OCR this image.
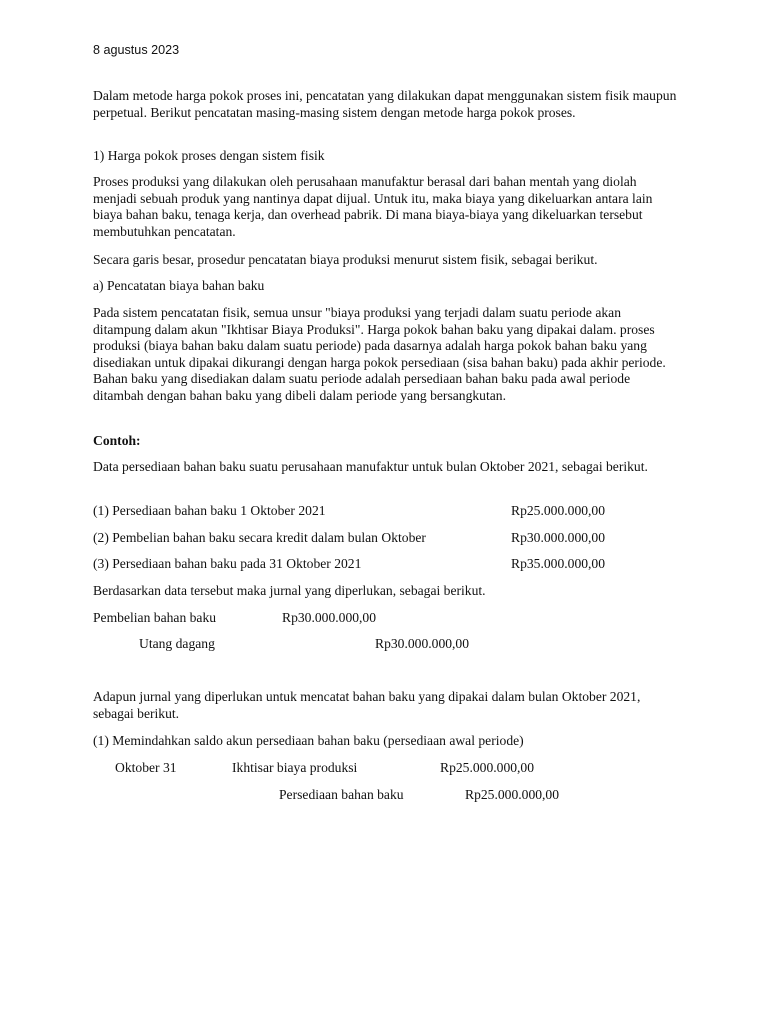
8 agustus 2023

Dalam metode harga pokok proses ini, pencatatan yang dilakukan dapat menggunakan sistem fisik maupun perpetual. Berikut pencatatan masing-masing sistem dengan metode harga pokok proses.

1) Harga pokok proses dengan sistem fisik

Proses produksi yang dilakukan oleh perusahaan manufaktur berasal dari bahan mentah yang diolah menjadi sebuah produk yang nantinya dapat dijual. Untuk itu, maka biaya yang dikeluarkan antara lain biaya bahan baku, tenaga kerja, dan overhead pabrik. Di mana biaya-biaya yang dikeluarkan tersebut membutuhkan pencatatan.

Secara garis besar, prosedur pencatatan biaya produksi menurut sistem fisik, sebagai berikut.

a) Pencatatan biaya bahan baku

Pada sistem pencatatan fisik, semua unsur "biaya produksi yang terjadi dalam suatu periode akan ditampung dalam akun "Ikhtisar Biaya Produksi". Harga pokok bahan baku yang dipakai dalam. proses produksi (biaya bahan baku dalam suatu periode) pada dasarnya adalah harga pokok bahan baku yang disediakan untuk dipakai dikurangi dengan harga pokok persediaan (sisa bahan baku) pada akhir periode. Bahan baku yang disediakan dalam suatu periode adalah persediaan bahan baku pada awal periode ditambah dengan bahan baku yang dibeli dalam periode yang bersangkutan.

Contoh:

Data persediaan bahan baku suatu perusahaan manufaktur untuk bulan Oktober 2021, sebagai berikut.

(1) Persediaan bahan baku 1 Oktober 2021	Rp25.000.000,00
(2) Pembelian bahan baku secara kredit dalam bulan Oktober	Rp30.000.000,00
(3) Persediaan bahan baku pada 31 Oktober 2021	Rp35.000.000,00

Berdasarkan data tersebut maka jurnal yang diperlukan, sebagai berikut.

Pembelian bahan baku	Rp30.000.000,00
Utang dagang	Rp30.000.000,00

Adapun jurnal yang diperlukan untuk mencatat bahan baku yang dipakai dalam bulan Oktober 2021, sebagai berikut.

(1) Memindahkan saldo akun persediaan bahan baku (persediaan awal periode)

Oktober 31	Ikhtisar biaya produksi	Rp25.000.000,00
Persediaan bahan baku	Rp25.000.000,00
